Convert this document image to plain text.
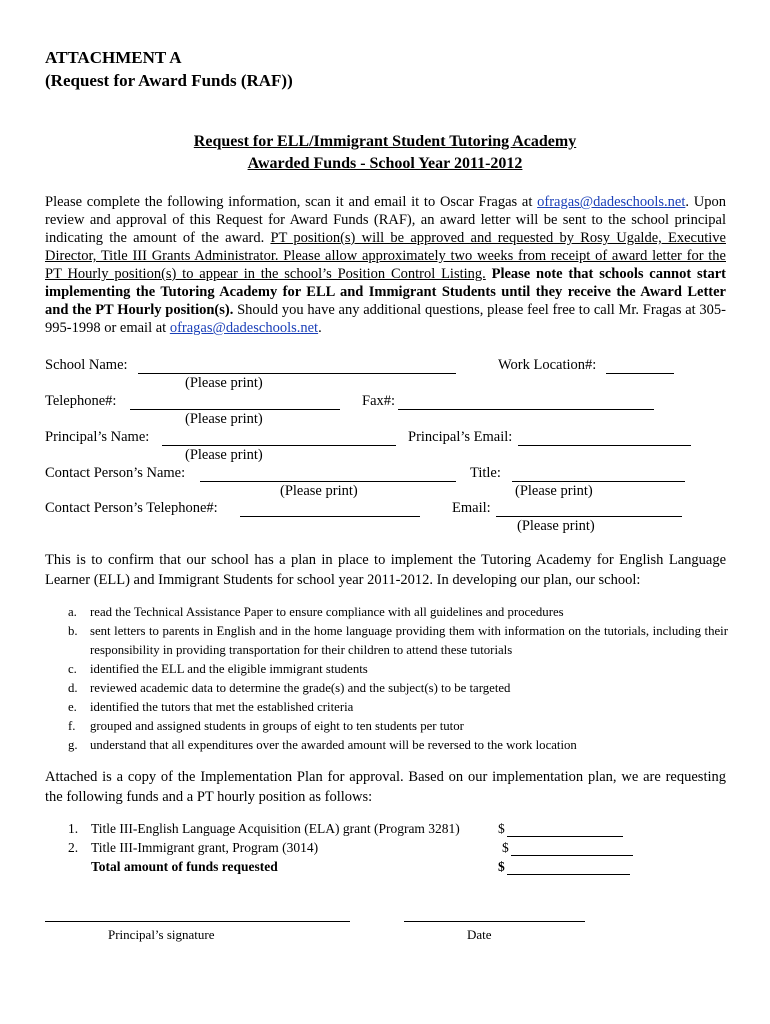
ATTACHMENT A
(Request for Award Funds (RAF))
Request for ELL/Immigrant Student Tutoring Academy
Awarded Funds - School Year 2011-2012
Please complete the following information, scan it and email it to Oscar Fragas at ofragas@dadeschools.net. Upon review and approval of this Request for Award Funds (RAF), an award letter will be sent to the school principal indicating the amount of the award. PT position(s) will be approved and requested by Rosy Ugalde, Executive Director, Title III Grants Administrator. Please allow approximately two weeks from receipt of award letter for the PT Hourly position(s) to appear in the school’s Position Control Listing. Please note that schools cannot start implementing the Tutoring Academy for ELL and Immigrant Students until they receive the Award Letter and the PT Hourly position(s). Should you have any additional questions, please feel free to call Mr. Fragas at 305-995-1998 or email at ofragas@dadeschools.net.
School Name:	Work Location#:
(Please print)
Telephone#:	Fax#:
(Please print)
Principal’s Name:	Principal’s Email:
(Please print)
Contact Person’s Name:	Title:
(Please print)	(Please print)
Contact Person’s Telephone#:	Email:
(Please print)
This is to confirm that our school has a plan in place to implement the Tutoring Academy for English Language Learner (ELL) and Immigrant Students for school year 2011-2012. In developing our plan, our school:
a. read the Technical Assistance Paper to ensure compliance with all guidelines and procedures
b. sent letters to parents in English and in the home language providing them with information on the tutorials, including their responsibility in providing transportation for their children to attend these tutorials
c. identified the ELL and the eligible immigrant students
d. reviewed academic data to determine the grade(s) and the subject(s) to be targeted
e. identified the tutors that met the established criteria
f. grouped and assigned students in groups of eight to ten students per tutor
g. understand that all expenditures over the awarded amount will be reversed to the work location
Attached is a copy of the Implementation Plan for approval. Based on our implementation plan, we are requesting the following funds and a PT hourly position as follows:
1. Title III-English Language Acquisition (ELA) grant (Program 3281)	$
2. Title III-Immigrant grant, Program (3014)	$
Total amount of funds requested	$
Principal’s signature	Date
